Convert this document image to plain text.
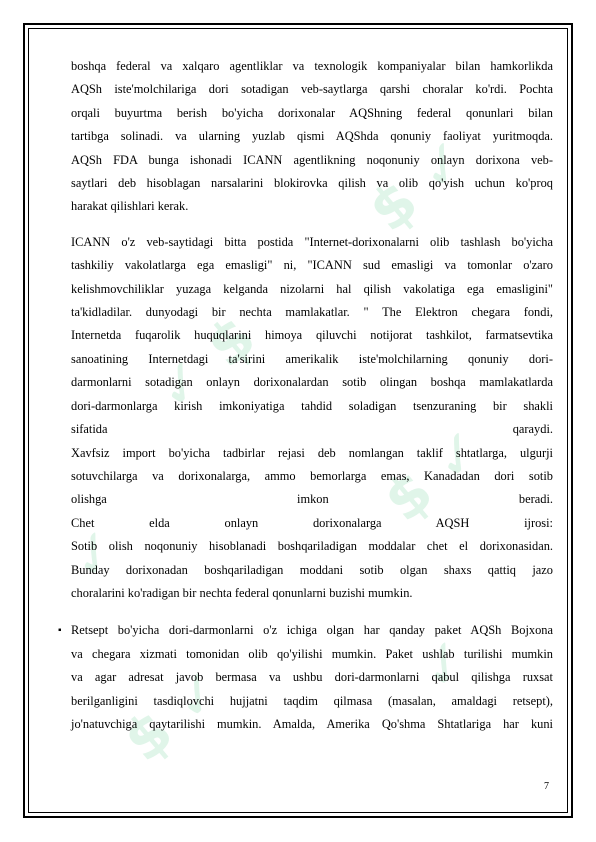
$ ✓
✓ $
$ ✓
✓
$ ✓
✓
boshqa federal va xalqaro agentliklar va texnologik kompaniyalar bilan hamkorlikda
AQSh iste'molchilariga dori sotadigan veb-saytlarga qarshi choralar ko'rdi. Pochta
orqali buyurtma berish bo'yicha dorixonalar AQShning federal qonunlari bilan
tartibga solinadi. va ularning yuzlab qismi AQShda qonuniy faoliyat yuritmoqda.
AQSh FDA bunga ishonadi ICANN agentlikning noqonuniy onlayn dorixona veb-
saytlari deb hisoblagan narsalarini blokirovka qilish va olib qo'yish uchun ko'proq
harakat qilishlari kerak.
ICANN o'z veb-saytidagi bitta postida "Internet-dorixonalarni olib tashlash bo'yicha
tashkiliy vakolatlarga ega emasligi" ni, "ICANN sud emasligi va tomonlar o'zaro
kelishmovchiliklar yuzaga kelganda nizolarni hal qilish vakolatiga ega emasligini"
ta'kidladilar. dunyodagi bir nechta mamlakatlar. " The Elektron chegara fondi,
Internetda fuqarolik huquqlarini himoya qiluvchi notijorat tashkilot, farmatsevtika
sanoatining Internetdagi ta'sirini amerikalik iste'molchilarning qonuniy dori-
darmonlarni sotadigan onlayn dorixonalardan sotib olingan boshqa mamlakatlarda
dori-darmonlarga kirish imkoniyatiga tahdid soladigan tsenzuraning bir shakli
sifatida qaraydi.
Xavfsiz import bo'yicha tadbirlar rejasi deb nomlangan taklif shtatlarga, ulgurji
sotuvchilarga va dorixonalarga, ammo bemorlarga emas, Kanadadan dori sotib
olishga imkon beradi.
Chet elda onlayn dorixonalarga AQSH ijrosi:
Sotib olish noqonuniy hisoblanadi boshqariladigan moddalar chet el dorixonasidan.
Bunday dorixonadan boshqariladigan moddani sotib olgan shaxs qattiq jazo
choralarini ko'radigan bir nechta federal qonunlarni buzishi mumkin.
▪ Retsept bo'yicha dori-darmonlarni o'z ichiga olgan har qanday paket AQSh Bojxona
va chegara xizmati tomonidan olib qo'yilishi mumkin. Paket ushlab turilishi mumkin
va agar adresat javob bermasa va ushbu dori-darmonlarni qabul qilishga ruxsat
berilganligini tasdiqlovchi hujjatni taqdim qilmasa (masalan, amaldagi retsept),
jo'natuvchiga qaytarilishi mumkin. Amalda, Amerika Qo'shma Shtatlariga har kuni
7
